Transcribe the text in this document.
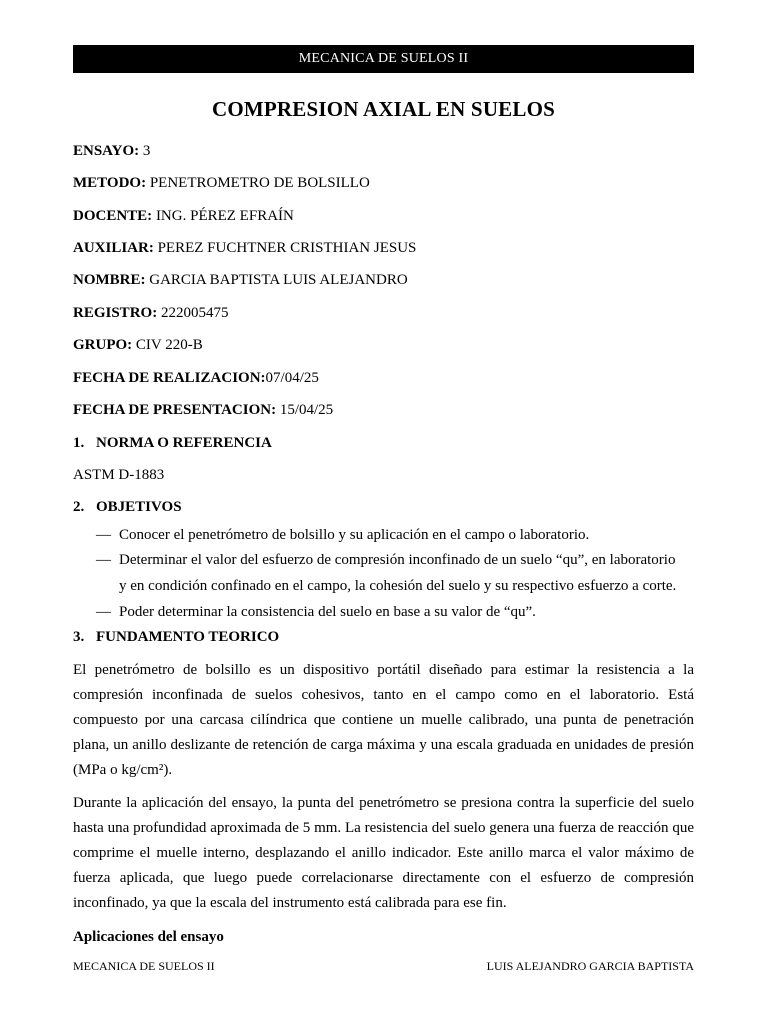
MECANICA DE SUELOS II
COMPRESION AXIAL EN SUELOS
ENSAYO: 3
METODO: PENETROMETRO DE BOLSILLO
DOCENTE: ING. PÉREZ EFRAÍN
AUXILIAR: PEREZ FUCHTNER CRISTHIAN JESUS
NOMBRE: GARCIA BAPTISTA LUIS ALEJANDRO
REGISTRO: 222005475
GRUPO: CIV 220-B
FECHA DE REALIZACION:07/04/25
FECHA DE PRESENTACION: 15/04/25
1. NORMA O REFERENCIA
ASTM D-1883
2. OBJETIVOS
— Conocer el penetrómetro de bolsillo y su aplicación en el campo o laboratorio.
— Determinar el valor del esfuerzo de compresión inconfinado de un suelo “qu”, en laboratorio
y en condición confinado en el campo, la cohesión del suelo y su respectivo esfuerzo a corte.
— Poder determinar la consistencia del suelo en base a su valor de “qu”.
3. FUNDAMENTO TEORICO

El penetrómetro de bolsillo es un dispositivo portátil diseñado para estimar la resistencia a la compresión inconfinada de suelos cohesivos, tanto en el campo como en el laboratorio. Está compuesto por una carcasa cilíndrica que contiene un muelle calibrado, una punta de penetración plana, un anillo deslizante de retención de carga máxima y una escala graduada en unidades de presión (MPa o kg/cm²).

Durante la aplicación del ensayo, la punta del penetrómetro se presiona contra la superficie del suelo hasta una profundidad aproximada de 5 mm. La resistencia del suelo genera una fuerza de reacción que comprime el muelle interno, desplazando el anillo indicador. Este anillo marca el valor máximo de fuerza aplicada, que luego puede correlacionarse directamente con el esfuerzo de compresión inconfinado, ya que la escala del instrumento está calibrada para ese fin.

Aplicaciones del ensayo
MECANICA DE SUELOS II	LUIS ALEJANDRO GARCIA BAPTISTA
